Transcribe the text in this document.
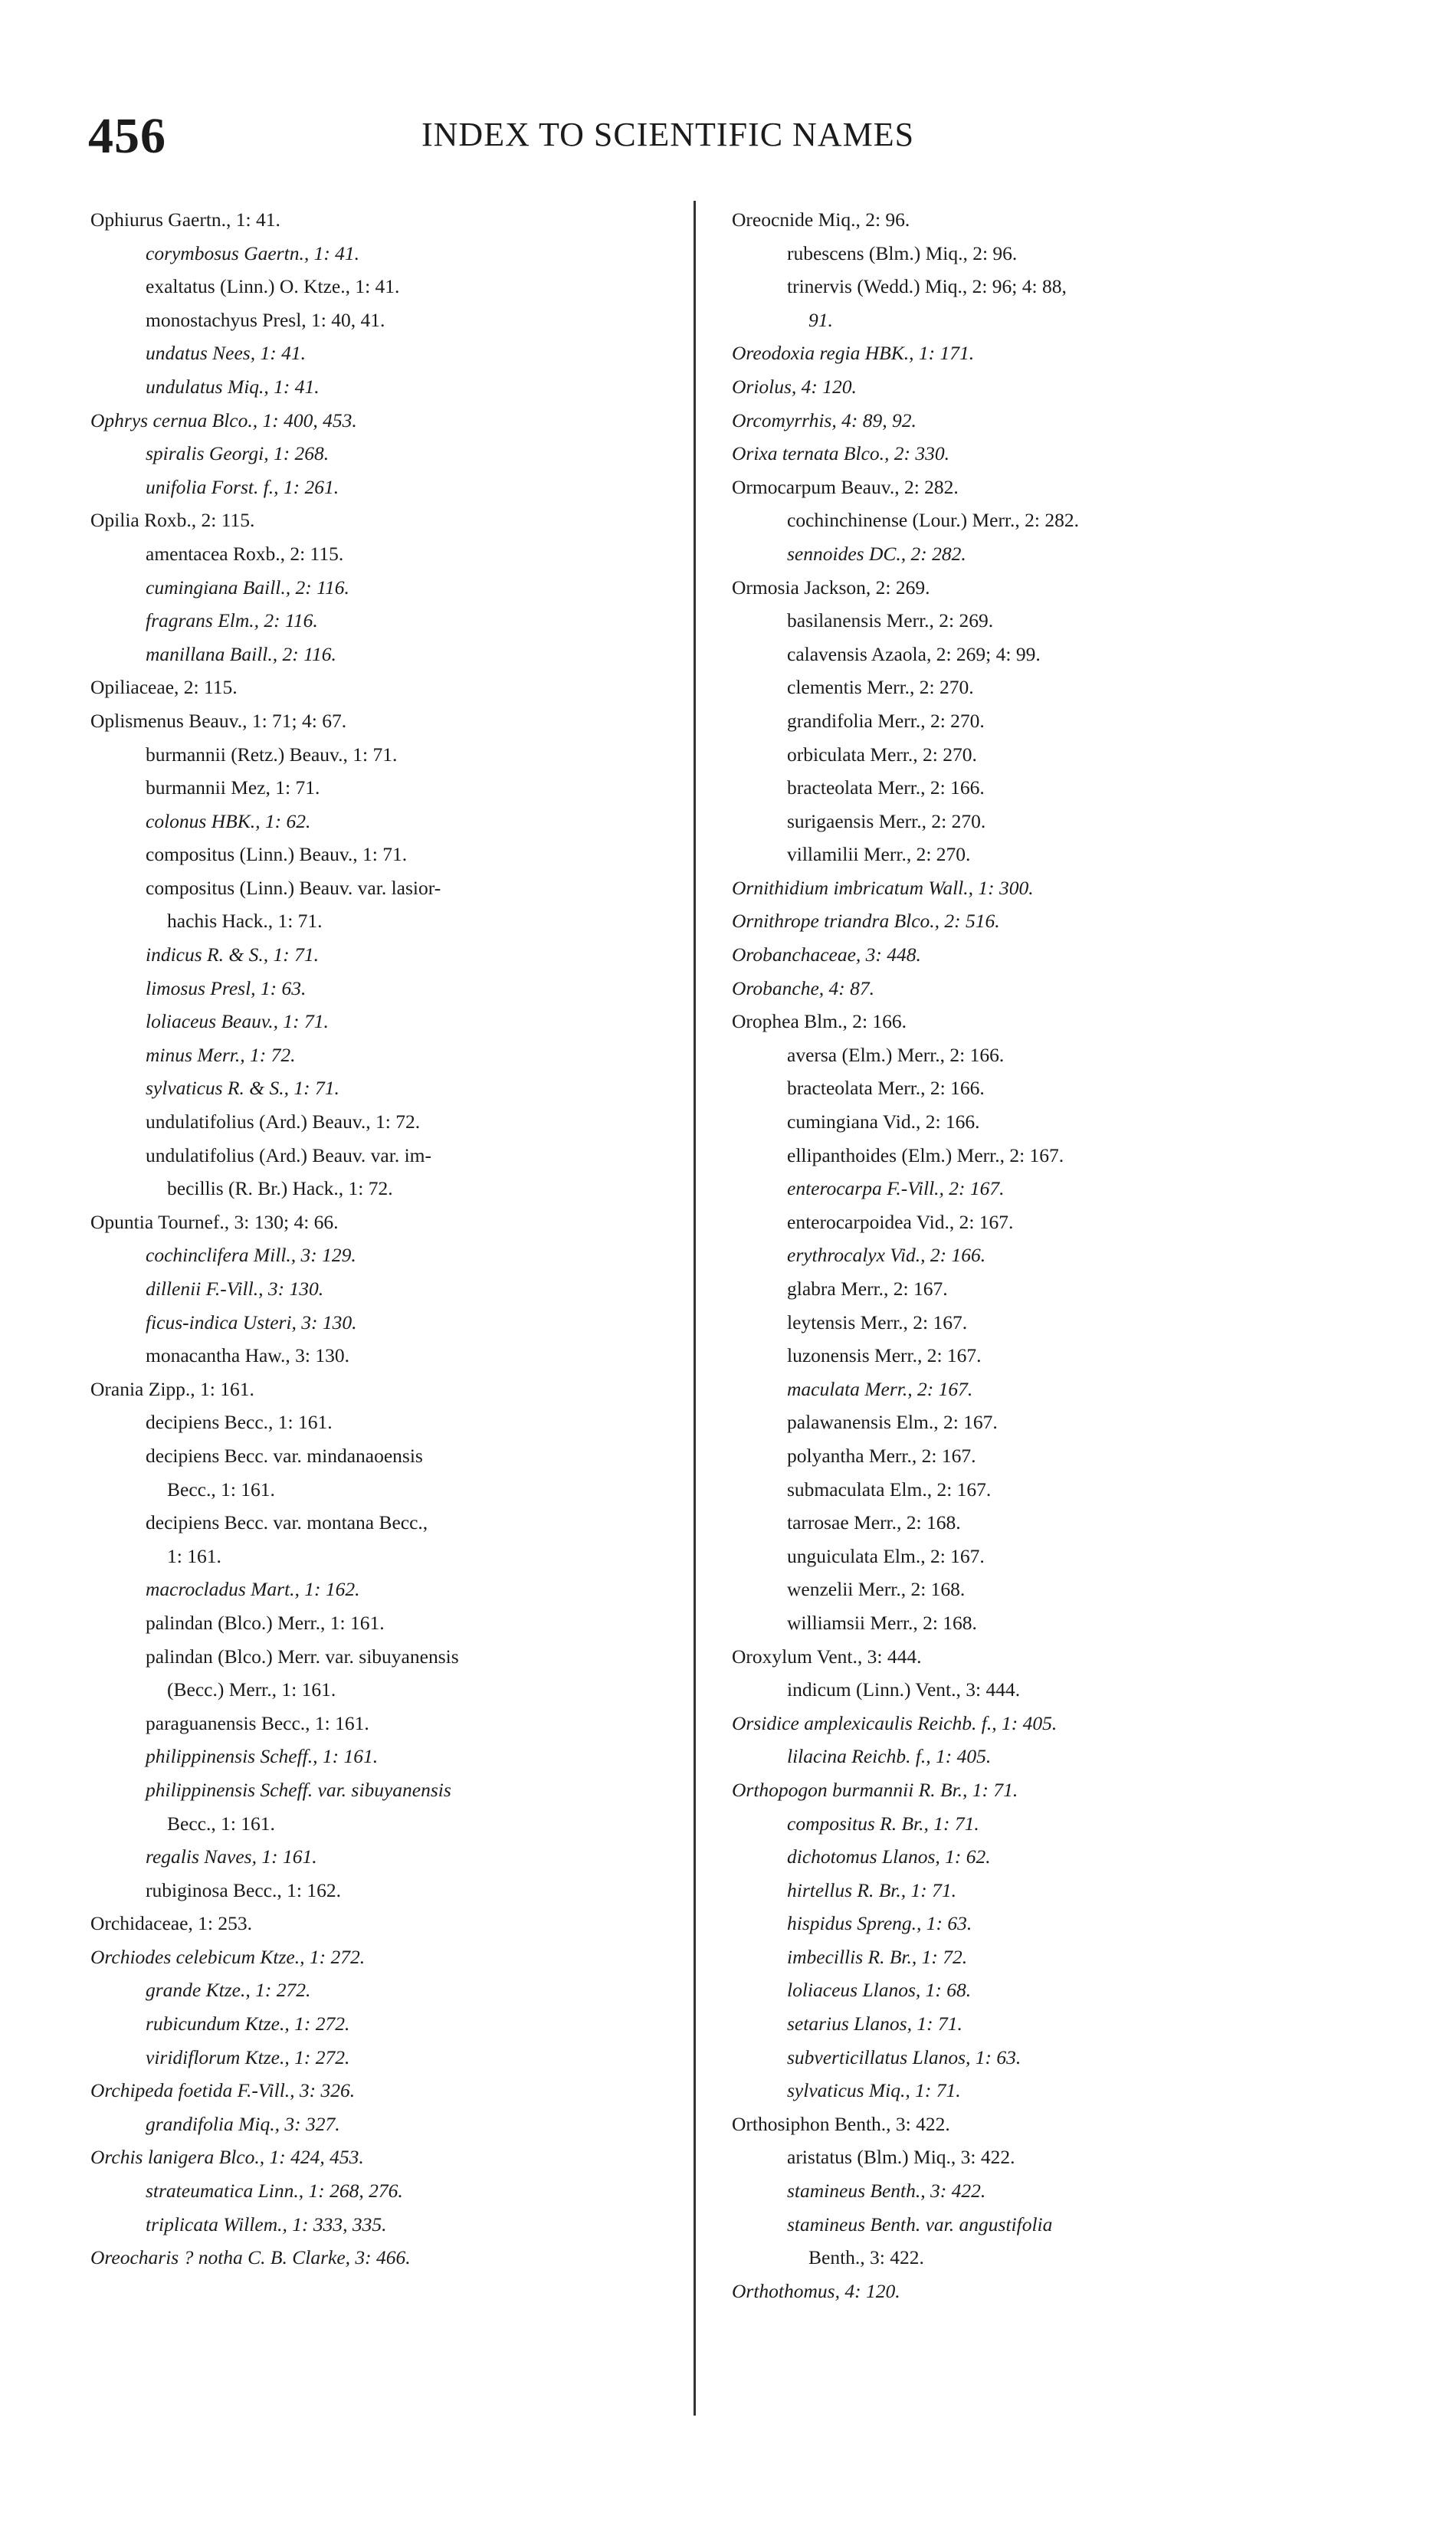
456	INDEX TO SCIENTIFIC NAMES
Ophiurus Gaertn., 1: 41.
corymbosus Gaertn., 1: 41.
exaltatus (Linn.) O. Ktze., 1: 41.
monostachyus Presl, 1: 40, 41.
undatus Nees, 1: 41.
undulatus Miq., 1: 41.
Ophrys cernua Blco., 1: 400, 453.
spiralis Georgi, 1: 268.
unifolia Forst. f., 1: 261.
Opilia Roxb., 2: 115.
amentacea Roxb., 2: 115.
cumingiana Baill., 2: 116.
fragrans Elm., 2: 116.
manillana Baill., 2: 116.
Opiliaceae, 2: 115.
Oplismenus Beauv., 1: 71; 4: 67.
burmannii (Retz.) Beauv., 1: 71.
burmannii Mez, 1: 71.
colonus HBK., 1: 62.
compositus (Linn.) Beauv., 1: 71.
compositus (Linn.) Beauv. var. lasior-
hachis Hack., 1: 71.
indicus R. & S., 1: 71.
limosus Presl, 1: 63.
loliaceus Beauv., 1: 71.
minus Merr., 1: 72.
sylvaticus R. & S., 1: 71.
undulatifolius (Ard.) Beauv., 1: 72.
undulatifolius (Ard.) Beauv. var. im-
becillis (R. Br.) Hack., 1: 72.
Opuntia Tournef., 3: 130; 4: 66.
cochinclifera Mill., 3: 129.
dillenii F.-Vill., 3: 130.
ficus-indica Usteri, 3: 130.
monacantha Haw., 3: 130.
Orania Zipp., 1: 161.
decipiens Becc., 1: 161.
decipiens Becc. var. mindanaoensis
Becc., 1: 161.
decipiens Becc. var. montana Becc.,
1: 161.
macrocladus Mart., 1: 162.
palindan (Blco.) Merr., 1: 161.
palindan (Blco.) Merr. var. sibuyanensis
(Becc.) Merr., 1: 161.
paraguanensis Becc., 1: 161.
philippinensis Scheff., 1: 161.
philippinensis Scheff. var. sibuyanensis
Becc., 1: 161.
regalis Naves, 1: 161.
rubiginosa Becc., 1: 162.
Orchidaceae, 1: 253.
Orchiodes celebicum Ktze., 1: 272.
grande Ktze., 1: 272.
rubicundum Ktze., 1: 272.
viridiflorum Ktze., 1: 272.
Orchipeda foetida F.-Vill., 3: 326.
grandifolia Miq., 3: 327.
Orchis lanigera Blco., 1: 424, 453.
strateumatica Linn., 1: 268, 276.
triplicata Willem., 1: 333, 335.
Oreocharis ? notha C. B. Clarke, 3: 466.
Oreocnide Miq., 2: 96.
rubescens (Blm.) Miq., 2: 96.
trinervis (Wedd.) Miq., 2: 96; 4: 88,
91.
Oreodoxia regia HBK., 1: 171.
Oriolus, 4: 120.
Orcomyrrhis, 4: 89, 92.
Orixa ternata Blco., 2: 330.
Ormocarpum Beauv., 2: 282.
cochinchinense (Lour.) Merr., 2: 282.
sennoides DC., 2: 282.
Ormosia Jackson, 2: 269.
basilanensis Merr., 2: 269.
calavensis Azaola, 2: 269; 4: 99.
clementis Merr., 2: 270.
grandifolia Merr., 2: 270.
orbiculata Merr., 2: 270.
bracteolata Merr., 2: 166.
surigaensis Merr., 2: 270.
villamilii Merr., 2: 270.
Ornithidium imbricatum Wall., 1: 300.
Ornithrope triandra Blco., 2: 516.
Orobanchaceae, 3: 448.
Orobanche, 4: 87.
Orophea Blm., 2: 166.
aversa (Elm.) Merr., 2: 166.
bracteolata Merr., 2: 166.
cumingiana Vid., 2: 166.
ellipanthoides (Elm.) Merr., 2: 167.
enterocarpa F.-Vill., 2: 167.
enterocarpoidea Vid., 2: 167.
erythrocalyx Vid., 2: 166.
glabra Merr., 2: 167.
leytensis Merr., 2: 167.
luzonensis Merr., 2: 167.
maculata Merr., 2: 167.
palawanensis Elm., 2: 167.
polyantha Merr., 2: 167.
submaculata Elm., 2: 167.
tarrosae Merr., 2: 168.
unguiculata Elm., 2: 167.
wenzelii Merr., 2: 168.
williamsii Merr., 2: 168.
Oroxylum Vent., 3: 444.
indicum (Linn.) Vent., 3: 444.
Orsidice amplexicaulis Reichb. f., 1: 405.
lilacina Reichb. f., 1: 405.
Orthopogon burmannii R. Br., 1: 71.
compositus R. Br., 1: 71.
dichotomus Llanos, 1: 62.
hirtellus R. Br., 1: 71.
hispidus Spreng., 1: 63.
imbecillis R. Br., 1: 72.
loliaceus Llanos, 1: 68.
setarius Llanos, 1: 71.
subverticillatus Llanos, 1: 63.
sylvaticus Miq., 1: 71.
Orthosiphon Benth., 3: 422.
aristatus (Blm.) Miq., 3: 422.
stamineus Benth., 3: 422.
stamineus Benth. var. angustifolia
Benth., 3: 422.
Orthothomus, 4: 120.
